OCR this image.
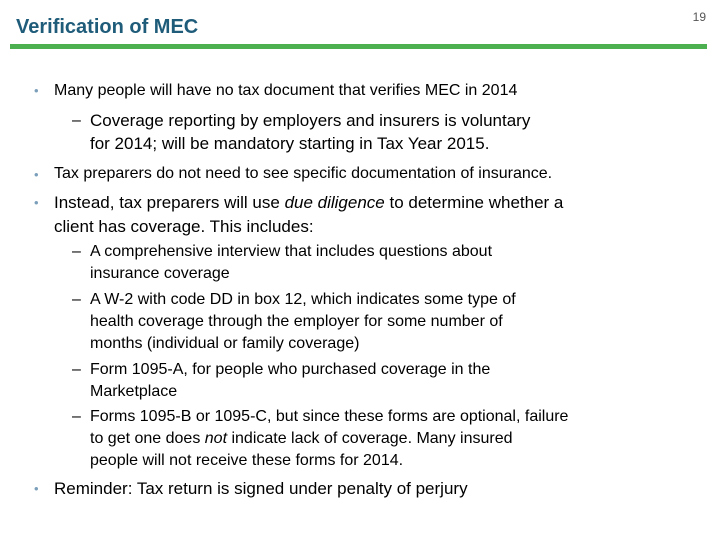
Verification of MEC	19
• Many people will have no tax document that verifies MEC in 2014
– Coverage reporting by employers and insurers is voluntary
for 2014; will be mandatory starting in Tax Year 2015.
• Tax preparers do not need to see specific documentation of insurance.
• Instead, tax preparers will use due diligence to determine whether a
client has coverage. This includes:
– A comprehensive interview that includes questions about
insurance coverage
– A W-2 with code DD in box 12, which indicates some type of
health coverage through the employer for some number of
months (individual or family coverage)
– Form 1095-A, for people who purchased coverage in the
Marketplace
– Forms 1095-B or 1095-C, but since these forms are optional, failure
to get one does not indicate lack of coverage. Many insured
people will not receive these forms for 2014.
• Reminder: Tax return is signed under penalty of perjury
